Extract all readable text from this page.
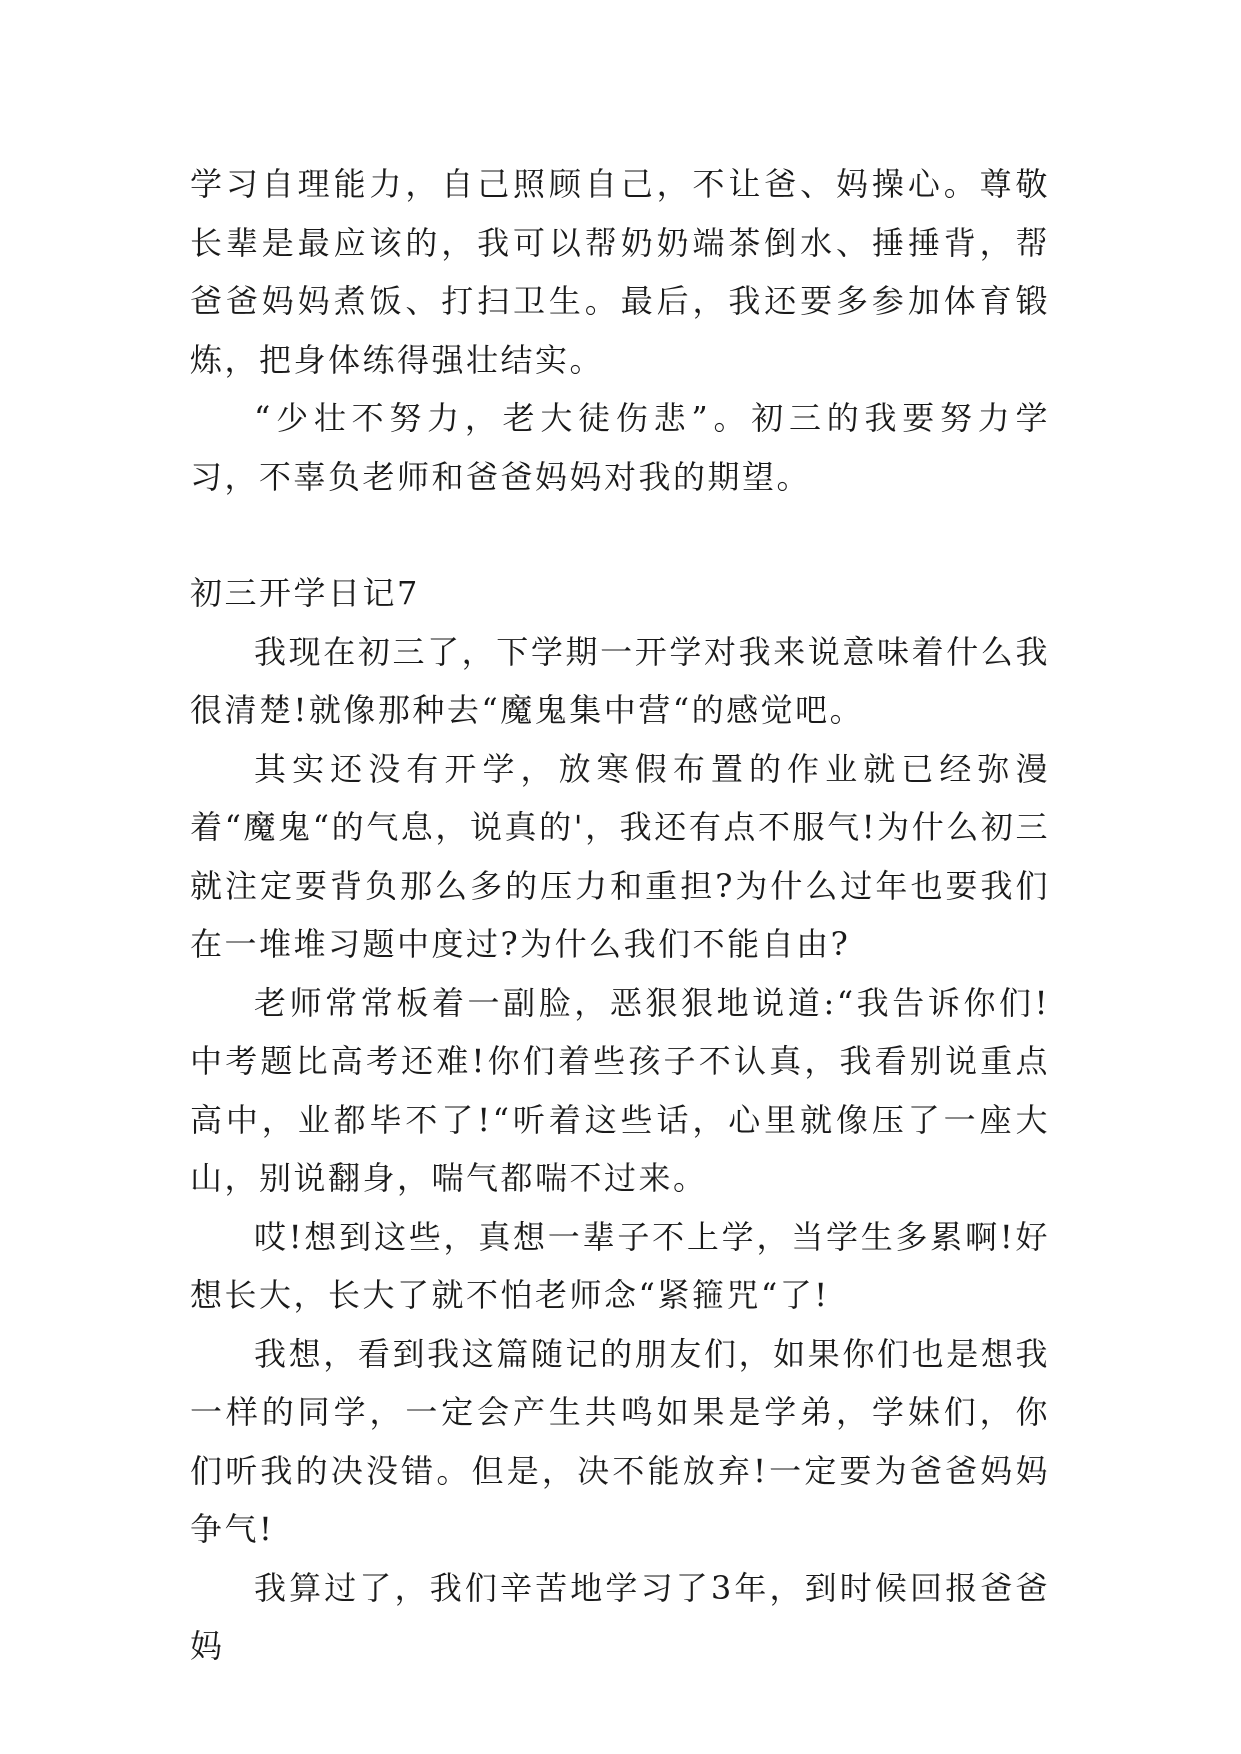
学习自理能力，自己照顾自己，不让爸、妈操心。尊敬长辈是最应该的，我可以帮奶奶端茶倒水、捶捶背，帮爸爸妈妈煮饭、打扫卫生。最后，我还要多参加体育锻炼，把身体练得强壮结实。

“少壮不努力，老大徒伤悲”。初三的我要努力学习，不辜负老师和爸爸妈妈对我的期望。

初三开学日记7

我现在初三了，下学期一开学对我来说意味着什么我很清楚!就像那种去“魔鬼集中营“的感觉吧。

其实还没有开学，放寒假布置的作业就已经弥漫着“魔鬼“的气息，说真的'，我还有点不服气!为什么初三就注定要背负那么多的压力和重担?为什么过年也要我们在一堆堆习题中度过?为什么我们不能自由?

老师常常板着一副脸，恶狠狠地说道:“我告诉你们!中考题比高考还难!你们着些孩子不认真，我看别说重点高中，业都毕不了!“听着这些话，心里就像压了一座大山，别说翻身，喘气都喘不过来。

哎!想到这些，真想一辈子不上学，当学生多累啊!好想长大，长大了就不怕老师念“紧箍咒“了!

我想，看到我这篇随记的朋友们，如果你们也是想我一样的同学，一定会产生共鸣如果是学弟，学妹们，你们听我的决没错。但是，决不能放弃!一定要为爸爸妈妈争气!

我算过了，我们辛苦地学习了3年，到时候回报爸爸妈
